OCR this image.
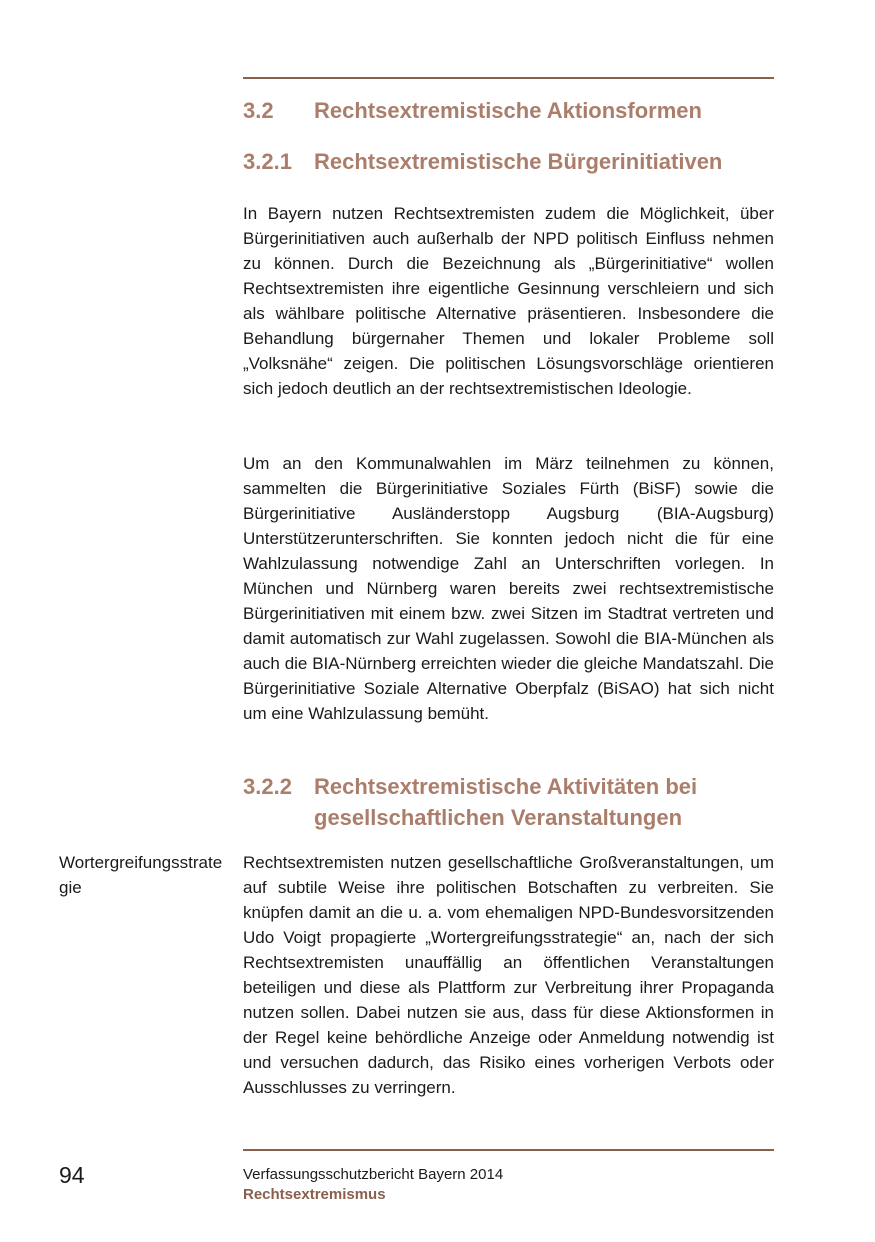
3.2 Rechtsextremistische Aktionsformen
3.2.1 Rechtsextremistische Bürgerinitiativen

In Bayern nutzen Rechtsextremisten zudem die Möglichkeit, über Bürgerinitiativen auch außerhalb der NPD politisch Einfluss nehmen zu können. Durch die Bezeichnung als „Bürgerinitiative“ wollen Rechtsextremisten ihre eigentliche Gesinnung verschleiern und sich als wählbare politische Alternative präsentieren. Insbesondere die Behandlung bürgernaher Themen und lokaler Probleme soll „Volksnähe“ zeigen. Die politischen Lösungsvorschläge orientieren sich jedoch deutlich an der rechtsextremistischen Ideologie.

Um an den Kommunalwahlen im März teilnehmen zu können, sammelten die Bürgerinitiative Soziales Fürth (BiSF) sowie die Bürgerinitiative Ausländerstopp Augsburg (BIA-Augsburg) Unterstützerunterschriften. Sie konnten jedoch nicht die für eine Wahlzulassung notwendige Zahl an Unterschriften vorlegen. In München und Nürnberg waren bereits zwei rechtsextremistische Bürgerinitiativen mit einem bzw. zwei Sitzen im Stadtrat vertreten und damit automatisch zur Wahl zugelassen. Sowohl die BIA-München als auch die BIA-Nürnberg erreichten wieder die gleiche Mandatszahl. Die Bürgerinitiative Soziale Alternative Oberpfalz (BiSAO) hat sich nicht um eine Wahlzulassung bemüht.

3.2.2 Rechtsextremistische Aktivitäten bei
gesellschaftlichen Veranstaltungen
Wortergreifungsstrategie

Rechtsextremisten nutzen gesellschaftliche Großveranstaltungen, um auf subtile Weise ihre politischen Botschaften zu verbreiten. Sie knüpfen damit an die u. a. vom ehemaligen NPD-Bundesvorsitzenden Udo Voigt propagierte „Wortergreifungsstrategie“ an, nach der sich Rechtsextremisten unauffällig an öffentlichen Veranstaltungen beteiligen und diese als Plattform zur Verbreitung ihrer Propaganda nutzen sollen. Dabei nutzen sie aus, dass für diese Aktionsformen in der Regel keine behördliche Anzeige oder Anmeldung notwendig ist und versuchen dadurch, das Risiko eines vorherigen Verbots oder Ausschlusses zu verringern.

94	Verfassungsschutzbericht Bayern 2014
Rechtsextremismus
